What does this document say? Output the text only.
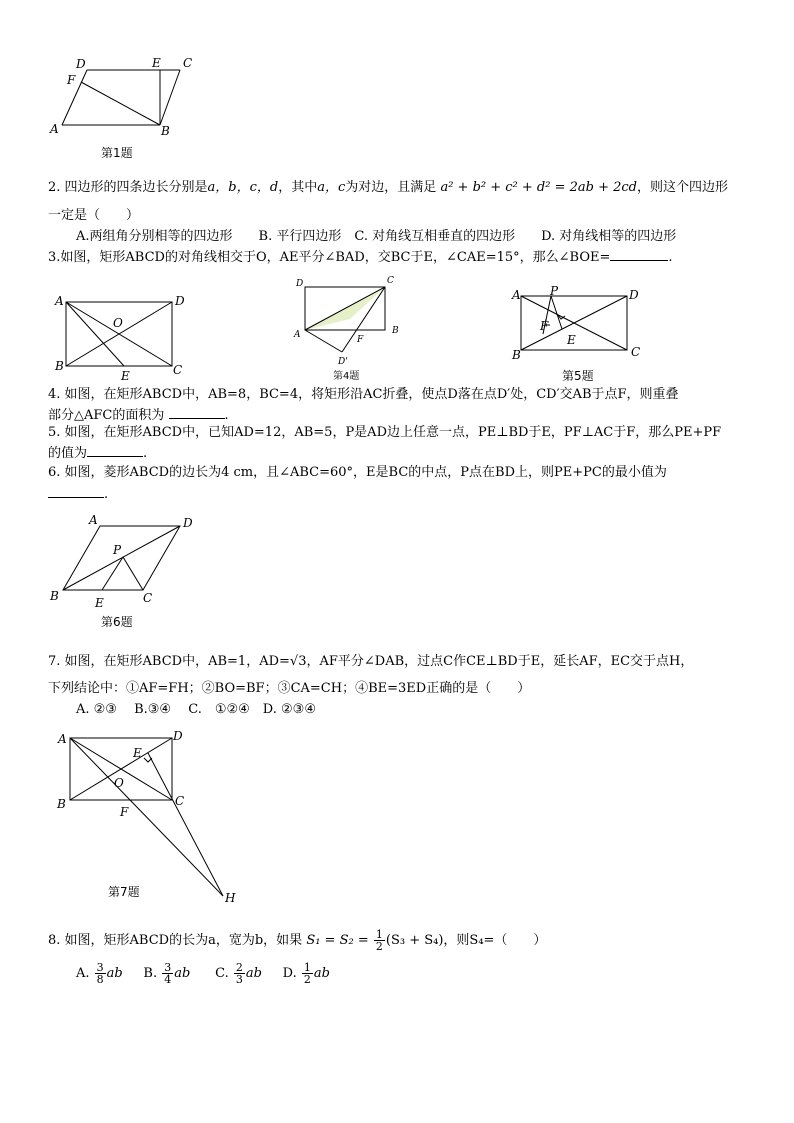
D	E C
F
A	B
第1题
2. 四边形的四条边长分别是a，b，c，d，其中a，c为对边，且满足 a² + b² + c² + d² = 2ab + 2cd，则这个四边形
一定是（　　）
A.两组角分别相等的四边形　　B. 平行四边形　C. 对角线互相垂直的四边形　　D. 对角线相等的四边形
3.如图，矩形ABCD的对角线相交于O，AE平分∠BAD，交BC于E，∠CAE=15°，那么∠BOE=	.
A	D
O
B
E	C
D	C
A	B
F
D'
第4题
A P	D
F
E
B	C
第5题
4. 如图，在矩形ABCD中，AB=8，BC=4，将矩形沿AC折叠，使点D落在点D′处，CD′交AB于点F，则重叠
部分△AFC的面积为	.
5. 如图，在矩形ABCD中，已知AD=12，AB=5，P是AD边上任意一点，PE⊥BD于E，PF⊥AC于F，那么PE+PF
的值为	.
6. 如图，菱形ABCD的边长为4 cm，且∠ABC=60°，E是BC的中点，P点在BD上，则PE+PC的最小值为
.
A	D
P
B	E	C
第6题
7. 如图，在矩形ABCD中，AB=1，AD=√3，AF平分∠DAB，过点C作CE⊥BD于E，延长AF，EC交于点H，
下列结论中：①AF=FH；②BO=BF；③CA=CH；④BE=3ED正确的是（　　）
A. ②③　 B.③④　 C.　①②④　D. ②③④
A	D
E
O
B	C
F
H
第7题
8. 如图，矩形ABCD的长为a，宽为b，如果 $S_1 = S_2 = \frac{1}{2} (S_3 + S_4)$，则S₄=（　　）
A. $\frac{3}{8}$ ab B. $\frac{3}{4}$ ab C. $\frac{2}{3}$ ab D. $\frac{1}{2}$ ab
